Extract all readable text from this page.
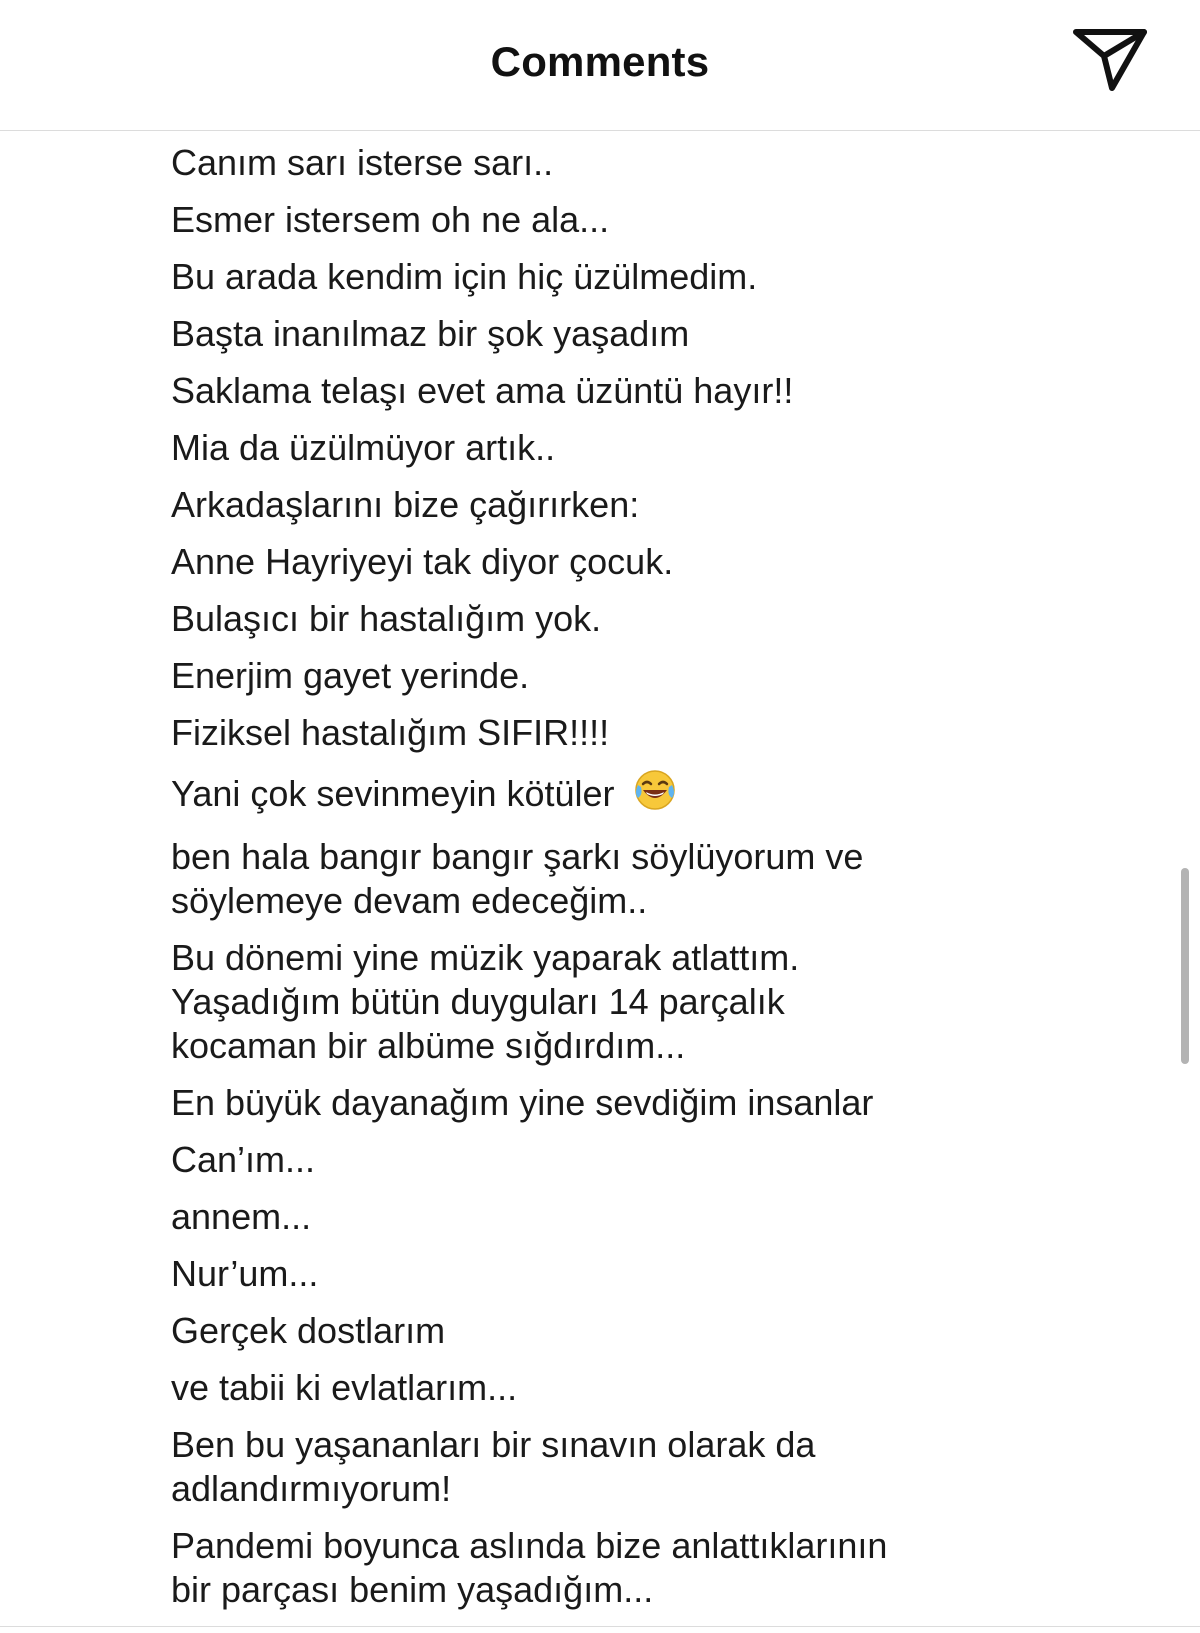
Comments
Canım sarı isterse sarı..
Esmer istersem oh ne ala...
Bu arada kendim için hiç üzülmedim.
Başta inanılmaz bir şok yaşadım
Saklama telaşı evet ama üzüntü hayır!!
Mia da üzülmüyor artık..
Arkadaşlarını bize çağırırken:
Anne Hayriyeyi tak diyor çocuk.
Bulaşıcı bir hastalığım yok.
Enerjim gayet yerinde.
Fiziksel hastalığım SIFIR!!!!
Yani çok sevinmeyin kötüler
ben hala bangır bangır şarkı söylüyorum ve
söylemeye devam edeceğim..
Bu dönemi yine müzik yaparak atlattım.
Yaşadığım bütün duyguları 14 parçalık
kocaman bir albüme sığdırdım...
En büyük dayanağım yine sevdiğim insanlar
Can’ım...
annem...
Nur’um...
Gerçek dostlarım
ve tabii ki evlatlarım...
Ben bu yaşananları bir sınavın olarak da
adlandırmıyorum!
Pandemi boyunca aslında bize anlattıklarının
bir parçası benim yaşadığım...
